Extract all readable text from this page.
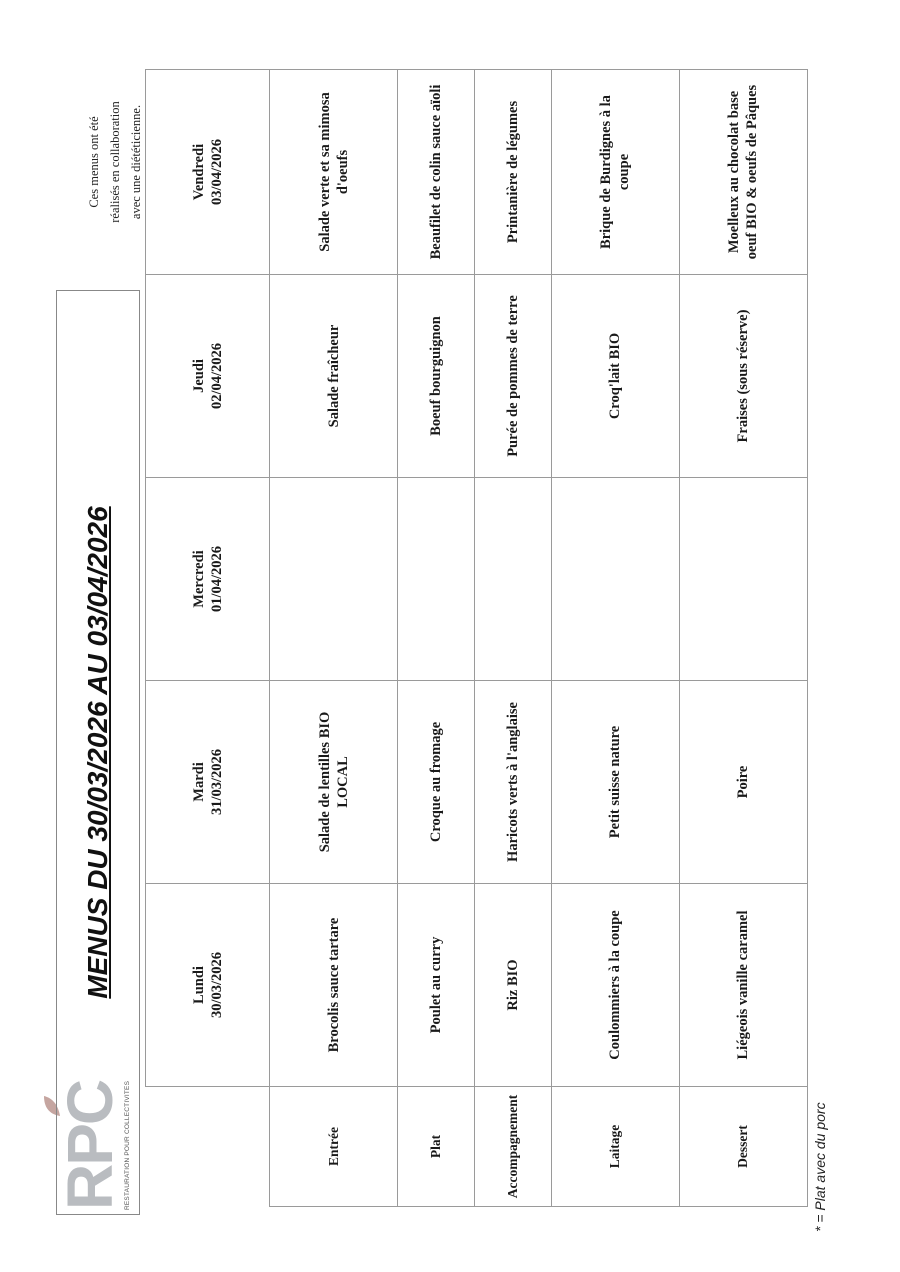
RPC
RESTAURATION POUR COLLECTIVITES
MENUS DU 30/03/2026 AU 03/04/2026
Ces menus ont été réalisés en collaboration avec une diététicienne.

	Lundi 30/03/2026	Mardi 31/03/2026	Mercredi 01/04/2026	Jeudi 02/04/2026	Vendredi 03/04/2026

Entrée	Brocolis sauce tartare	Salade de lentilles BIO LOCAL		Salade fraîcheur	Salade verte et sa mimosa d'oeufs
Plat	Poulet au curry	Croque au fromage		Boeuf bourguignon	Beaufilet de colin sauce aïoli
Accompagnement	Riz BIO	Haricots verts à l'anglaise		Purée de pommes de terre	Printanière de légumes
Laitage	Coulommiers à la coupe	Petit suisse nature		Croq'lait BIO	Brique de Burdignes à la coupe
Dessert	Liégeois vanille caramel	Poire		Fraises (sous réserve)	Moelleux au chocolat base oeuf BIO & oeufs de Pâques
* = Plat avec du porc
